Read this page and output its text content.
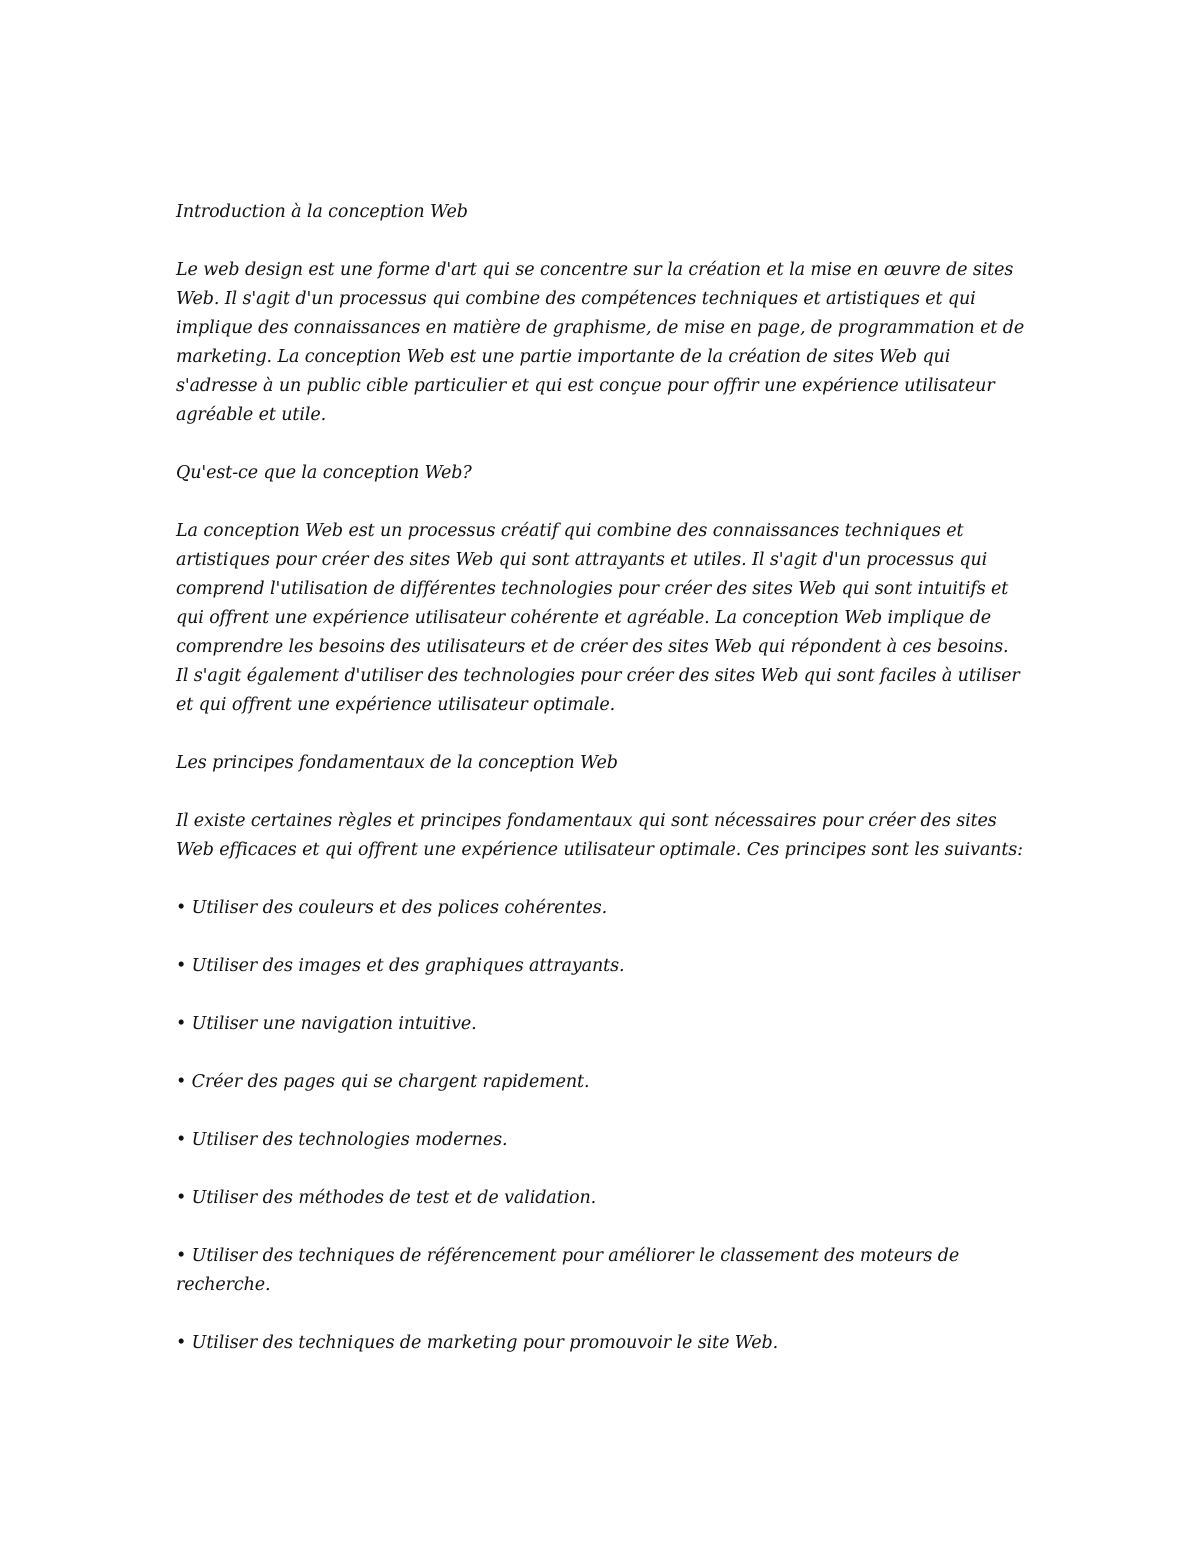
Introduction à la conception Web

Le web design est une forme d'art qui se concentre sur la création et la mise en œuvre de sites Web. Il s'agit d'un processus qui combine des compétences techniques et artistiques et qui implique des connaissances en matière de graphisme, de mise en page, de programmation et de marketing. La conception Web est une partie importante de la création de sites Web qui s'adresse à un public cible particulier et qui est conçue pour offrir une expérience utilisateur agréable et utile.

Qu'est-ce que la conception Web?

La conception Web est un processus créatif qui combine des connaissances techniques et artistiques pour créer des sites Web qui sont attrayants et utiles. Il s'agit d'un processus qui comprend l'utilisation de différentes technologies pour créer des sites Web qui sont intuitifs et qui offrent une expérience utilisateur cohérente et agréable. La conception Web implique de comprendre les besoins des utilisateurs et de créer des sites Web qui répondent à ces besoins. Il s'agit également d'utiliser des technologies pour créer des sites Web qui sont faciles à utiliser et qui offrent une expérience utilisateur optimale.

Les principes fondamentaux de la conception Web

Il existe certaines règles et principes fondamentaux qui sont nécessaires pour créer des sites Web efficaces et qui offrent une expérience utilisateur optimale. Ces principes sont les suivants:

• Utiliser des couleurs et des polices cohérentes.

• Utiliser des images et des graphiques attrayants.

• Utiliser une navigation intuitive.

• Créer des pages qui se chargent rapidement.

• Utiliser des technologies modernes.

• Utiliser des méthodes de test et de validation.

• Utiliser des techniques de référencement pour améliorer le classement des moteurs de recherche.

• Utiliser des techniques de marketing pour promouvoir le site Web.
